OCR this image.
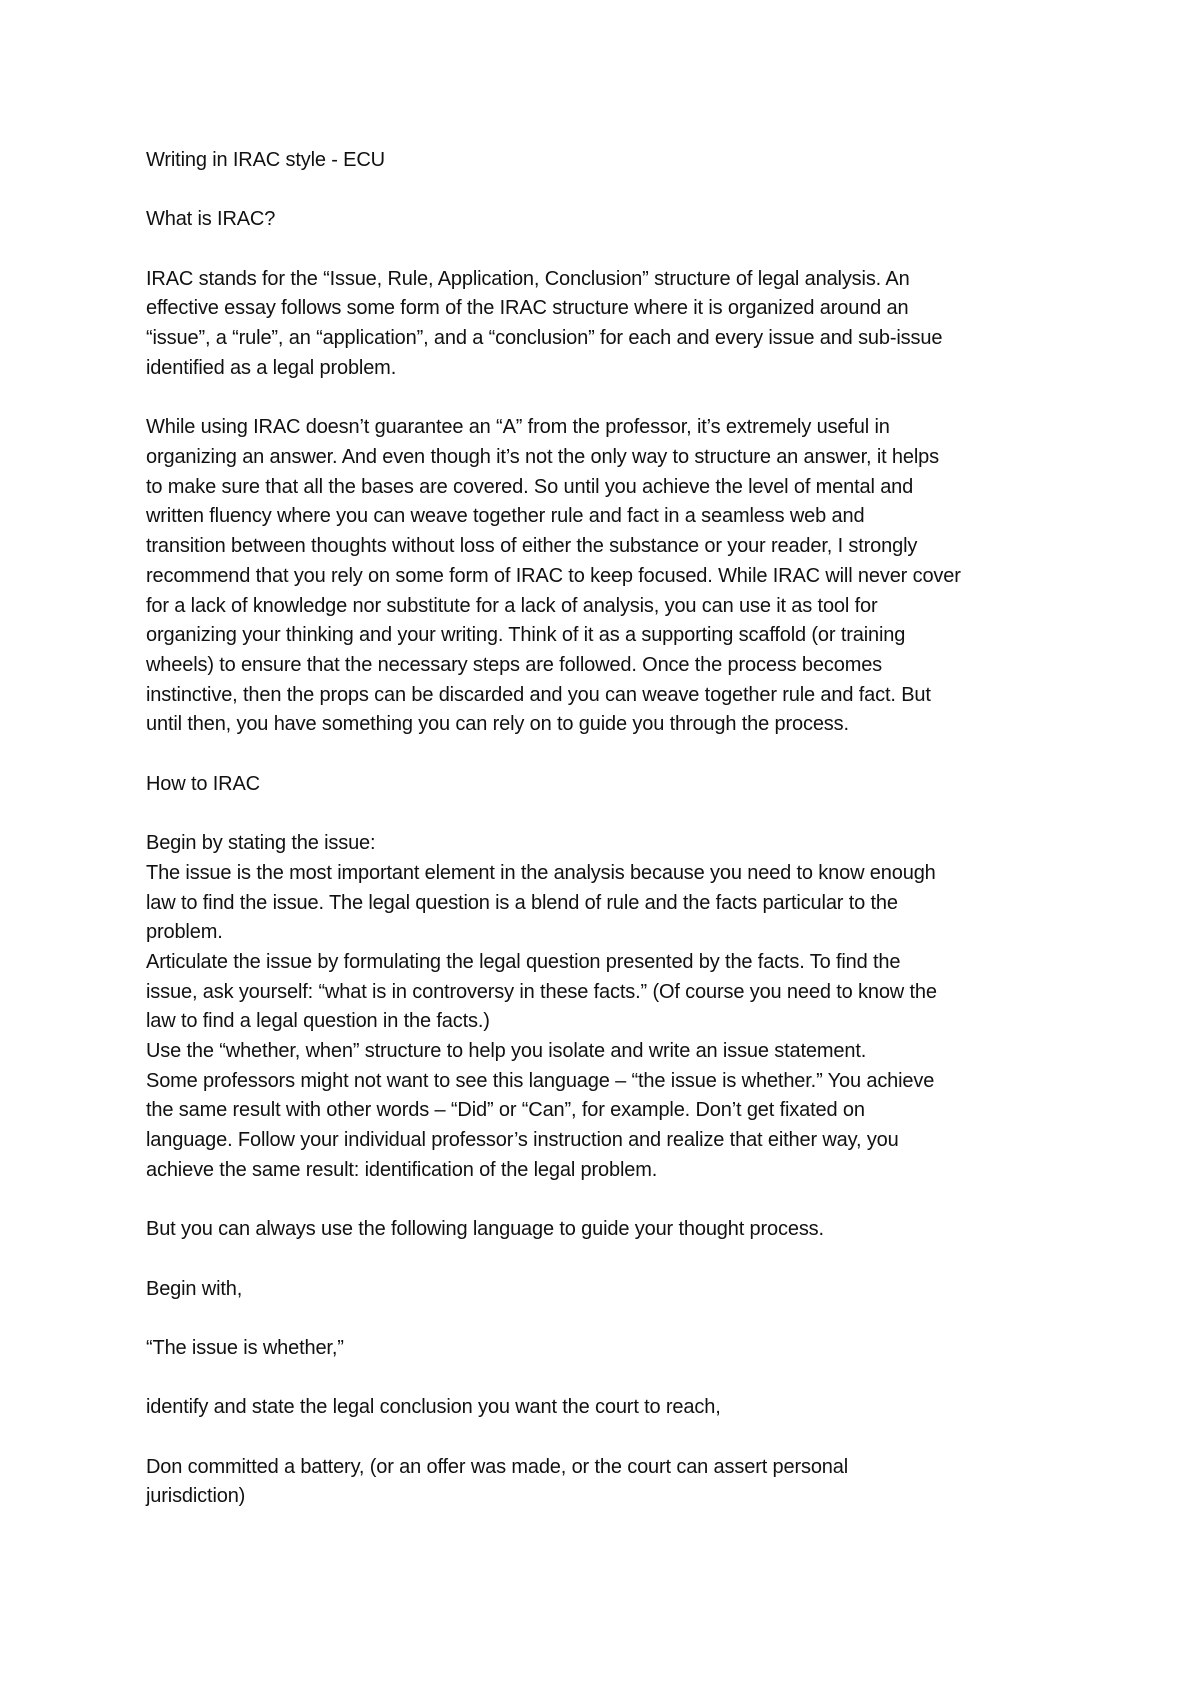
Writing in IRAC style - ECU

What is IRAC?

IRAC stands for the “Issue, Rule, Application, Conclusion” structure of legal analysis. An
effective essay follows some form of the IRAC structure where it is organized around an
“issue”, a “rule”, an “application”, and a “conclusion” for each and every issue and sub-issue
identified as a legal problem.

While using IRAC doesn’t guarantee an “A” from the professor, it’s extremely useful in
organizing an answer. And even though it’s not the only way to structure an answer, it helps
to make sure that all the bases are covered. So until you achieve the level of mental and
written fluency where you can weave together rule and fact in a seamless web and
transition between thoughts without loss of either the substance or your reader, I strongly
recommend that you rely on some form of IRAC to keep focused. While IRAC will never cover
for a lack of knowledge nor substitute for a lack of analysis, you can use it as tool for
organizing your thinking and your writing. Think of it as a supporting scaffold (or training
wheels) to ensure that the necessary steps are followed. Once the process becomes
instinctive, then the props can be discarded and you can weave together rule and fact. But
until then, you have something you can rely on to guide you through the process.

How to IRAC

Begin by stating the issue:
The issue is the most important element in the analysis because you need to know enough
law to find the issue. The legal question is a blend of rule and the facts particular to the
problem.
Articulate the issue by formulating the legal question presented by the facts. To find the
issue, ask yourself: “what is in controversy in these facts.” (Of course you need to know the
law to find a legal question in the facts.)
Use the “whether, when” structure to help you isolate and write an issue statement.
Some professors might not want to see this language – “the issue is whether.” You achieve
the same result with other words – “Did” or “Can”, for example. Don’t get fixated on
language. Follow your individual professor’s instruction and realize that either way, you
achieve the same result: identification of the legal problem.

But you can always use the following language to guide your thought process.

Begin with,

“The issue is whether,”

identify and state the legal conclusion you want the court to reach,

Don committed a battery, (or an offer was made, or the court can assert personal
jurisdiction)
